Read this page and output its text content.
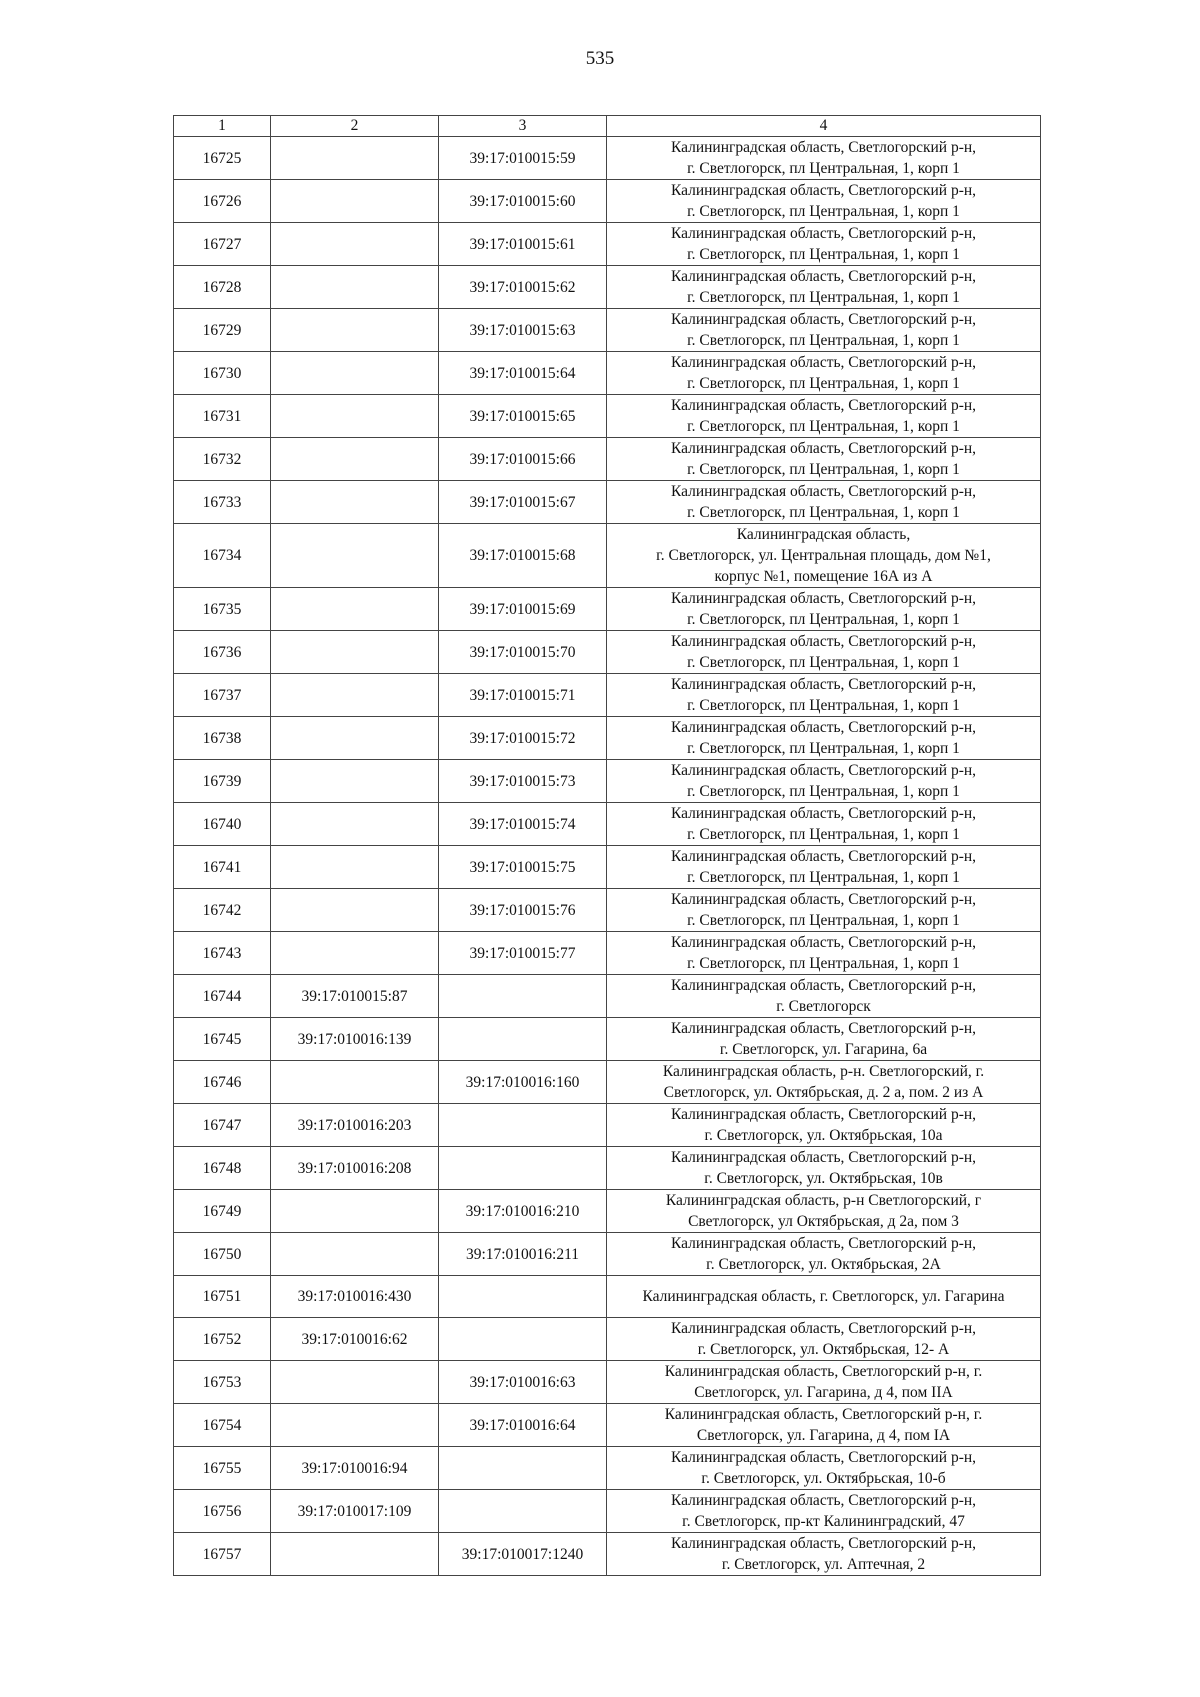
535
1	2	3	4
16725		39:17:010015:59	Калининградская область, Светлогорский р-н,
г. Светлогорск, пл Центральная, 1, корп 1

16726		39:17:010015:60	Калининградская область, Светлогорский р-н,
г. Светлогорск, пл Центральная, 1, корп 1

16727		39:17:010015:61	Калининградская область, Светлогорский р-н,
г. Светлогорск, пл Центральная, 1, корп 1

16728		39:17:010015:62	Калининградская область, Светлогорский р-н,
г. Светлогорск, пл Центральная, 1, корп 1

16729		39:17:010015:63	Калининградская область, Светлогорский р-н,
г. Светлогорск, пл Центральная, 1, корп 1

16730		39:17:010015:64	Калининградская область, Светлогорский р-н,
г. Светлогорск, пл Центральная, 1, корп 1

16731		39:17:010015:65	Калининградская область, Светлогорский р-н,
г. Светлогорск, пл Центральная, 1, корп 1

16732		39:17:010015:66	Калининградская область, Светлогорский р-н,
г. Светлогорск, пл Центральная, 1, корп 1

16733		39:17:010015:67	Калининградская область, Светлогорский р-н,
г. Светлогорск, пл Центральная, 1, корп 1

16734		39:17:010015:68	Калининградская область,
г. Светлогорск, ул. Центральная площадь, дом №1,
корпус №1, помещение 16А из А

16735		39:17:010015:69	Калининградская область, Светлогорский р-н,
г. Светлогорск, пл Центральная, 1, корп 1

16736		39:17:010015:70	Калининградская область, Светлогорский р-н,
г. Светлогорск, пл Центральная, 1, корп 1

16737		39:17:010015:71	Калининградская область, Светлогорский р-н,
г. Светлогорск, пл Центральная, 1, корп 1

16738		39:17:010015:72	Калининградская область, Светлогорский р-н,
г. Светлогорск, пл Центральная, 1, корп 1

16739		39:17:010015:73	Калининградская область, Светлогорский р-н,
г. Светлогорск, пл Центральная, 1, корп 1

16740		39:17:010015:74	Калининградская область, Светлогорский р-н,
г. Светлогорск, пл Центральная, 1, корп 1

16741		39:17:010015:75	Калининградская область, Светлогорский р-н,
г. Светлогорск, пл Центральная, 1, корп 1

16742		39:17:010015:76	Калининградская область, Светлогорский р-н,
г. Светлогорск, пл Центральная, 1, корп 1

16743		39:17:010015:77	Калининградская область, Светлогорский р-н,
г. Светлогорск, пл Центральная, 1, корп 1

16744	39:17:010015:87		Калининградская область, Светлогорский р-н,
г. Светлогорск

16745	39:17:010016:139		Калининградская область, Светлогорский р-н,
г. Светлогорск, ул. Гагарина, 6а

16746		39:17:010016:160	Калининградская область, р-н. Светлогорский, г.
Светлогорск, ул. Октябрьская, д. 2 а, пом. 2 из А

16747	39:17:010016:203		Калининградская область, Светлогорский р-н,
г. Светлогорск, ул. Октябрьская, 10а

16748	39:17:010016:208		Калининградская область, Светлогорский р-н,
г. Светлогорск, ул. Октябрьская, 10в

16749		39:17:010016:210	Калининградская область, р-н Светлогорский, г
Светлогорск, ул Октябрьская, д 2а, пом 3

16750		39:17:010016:211	Калининградская область, Светлогорский р-н,
г. Светлогорск, ул. Октябрьская, 2А

16751	39:17:010016:430		Калининградская область, г. Светлогорск, ул. Гагарина

16752	39:17:010016:62		Калининградская область, Светлогорский р-н,
г. Светлогорск, ул. Октябрьская, 12- А

16753		39:17:010016:63	Калининградская область, Светлогорский р-н, г.
Светлогорск, ул. Гагарина, д 4, пом IIА

16754		39:17:010016:64	Калининградская область, Светлогорский р-н, г.
Светлогорск, ул. Гагарина, д 4, пом IА

16755	39:17:010016:94		Калининградская область, Светлогорский р-н,
г. Светлогорск, ул. Октябрьская, 10-б

16756	39:17:010017:109		Калининградская область, Светлогорский р-н,
г. Светлогорск, пр-кт Калининградский, 47

16757		39:17:010017:1240	Калининградская область, Светлогорский р-н,
г. Светлогорск, ул. Аптечная, 2
